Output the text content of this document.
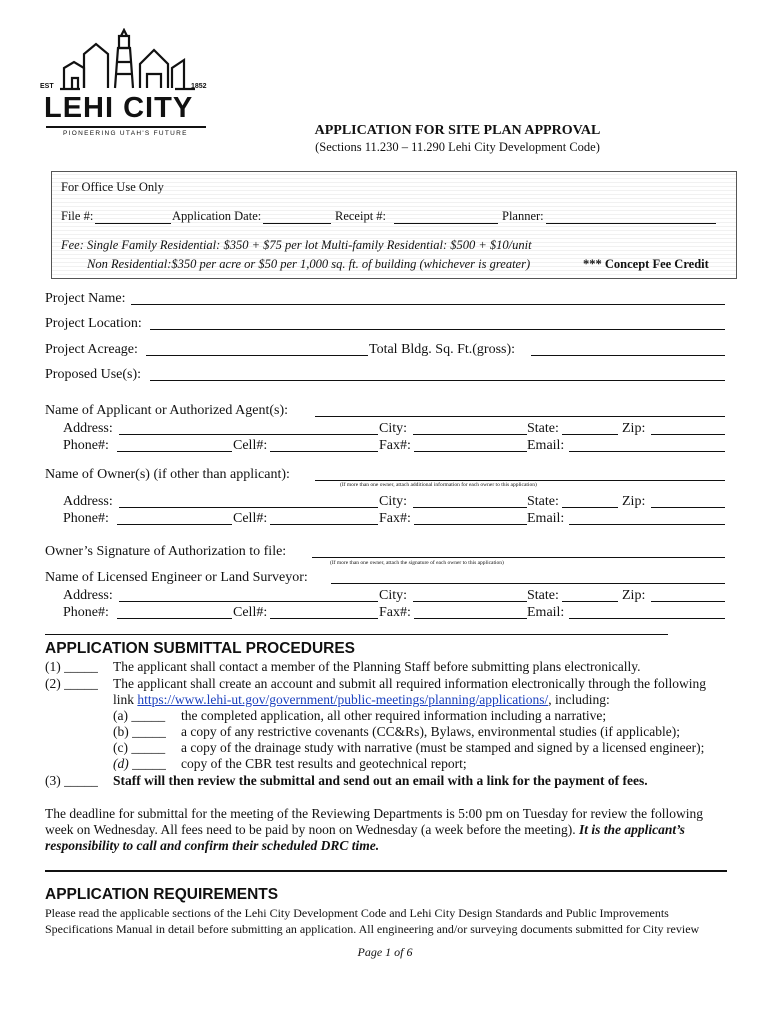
EST	1852
LEHI CITY
PIONEERING UTAH'S FUTURE	APPLICATION FOR SITE PLAN APPROVAL
(Sections 11.230 – 11.290 Lehi City Development Code)
For Office Use Only
File #:	Application Date:	Receipt #:	Planner:
Fee: Single Family Residential: $350 + $75 per lot Multi-family Residential: $500 + $10/unit
Non Residential:$350 per acre or $50 per 1,000 sq. ft. of building (whichever is greater)	*** Concept Fee Credit
Project Name:
Project Location:
Project Acreage:	Total Bldg. Sq. Ft.(gross):
Proposed Use(s):
Name of Applicant or Authorized Agent(s):
Address:	City:	State:	Zip:
Phone#:	Cell#:	Fax#:	Email:
Name of Owner(s) (if other than applicant):
(If more than one owner, attach additional information for each owner to this application)
Address:	City:	State:	Zip:
Phone#:	Cell#:	Fax#:	Email:
Owner’s Signature of Authorization to file:
(If more than one owner, attach the signature of each owner to this application)
Name of Licensed Engineer or Land Surveyor:
Address:	City:	State:	Zip:
Phone#:	Cell#:	Fax#:	Email:
APPLICATION SUBMITTAL PROCEDURES
(1) _____ The applicant shall contact a member of the Planning Staff before submitting plans electronically.
(2) _____ The applicant shall create an account and submit all required information electronically through the following
link https://www.lehi-ut.gov/government/public-meetings/planning/applications/, including:
(a) _____ the completed application, all other required information including a narrative;
(b) _____ a copy of any restrictive covenants (CC&Rs), Bylaws, environmental studies (if applicable);
(c) _____ a copy of the drainage study with narrative (must be stamped and signed by a licensed engineer);
(d) _____ copy of the CBR test results and geotechnical report;
(3) _____ Staff will then review the submittal and send out an email with a link for the payment of fees.
The deadline for submittal for the meeting of the Reviewing Departments is 5:00 pm on Tuesday for review the following
week on Wednesday. All fees need to be paid by noon on Wednesday (a week before the meeting). It is the applicant’s
responsibility to call and confirm their scheduled DRC time.
APPLICATION REQUIREMENTS
Please read the applicable sections of the Lehi City Development Code and Lehi City Design Standards and Public Improvements
Specifications Manual in detail before submitting an application. All engineering and/or surveying documents submitted for City review
Page 1 of 6
